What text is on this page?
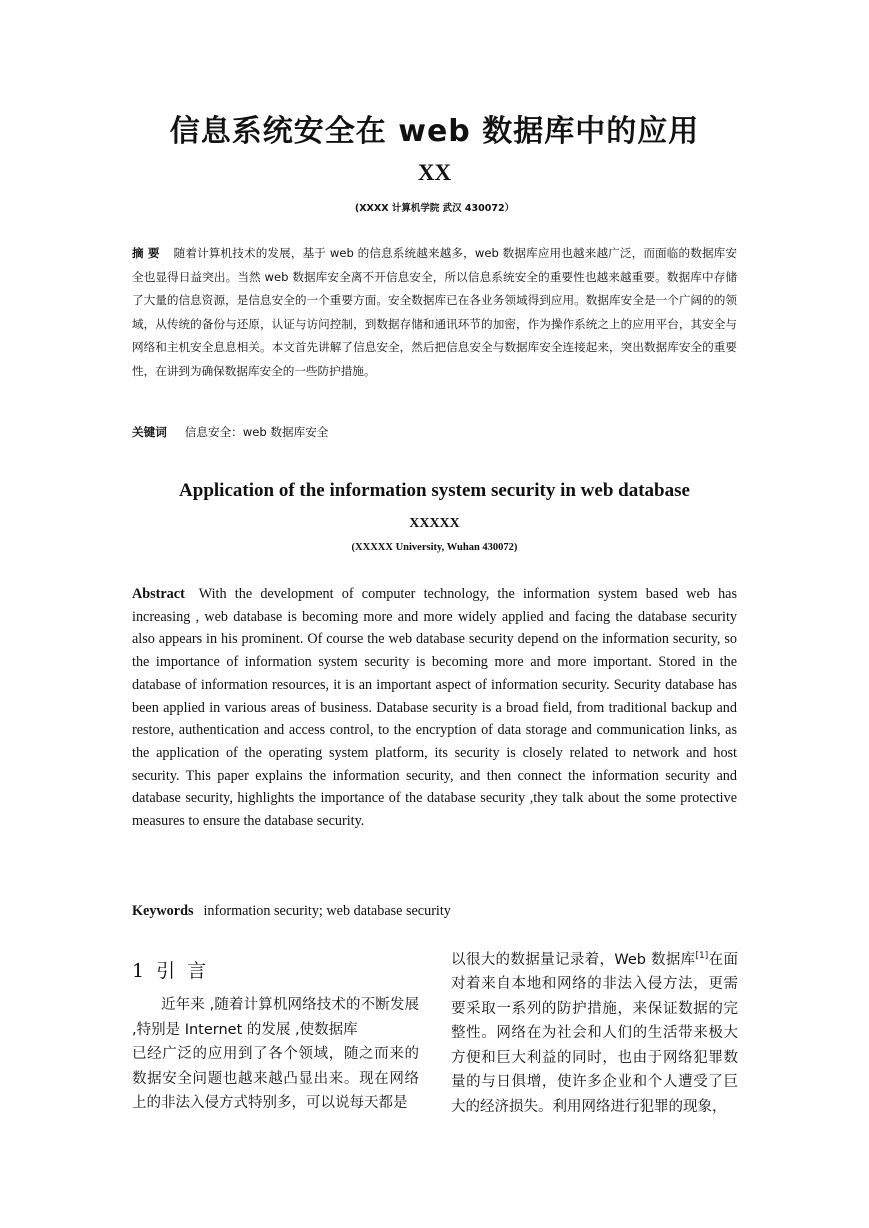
信息系统安全在 web 数据库中的应用
XX
(XXXX 计算机学院 武汉 430072）
摘 要 随着计算机技术的发展，基于 web 的信息系统越来越多，web 数据库应用也越来越广泛，而面临的数据库安全也显得日益突出。当然 web 数据库安全离不开信息安全，所以信息系统安全的重要性也越来越重要。数据库中存储了大量的信息资源，是信息安全的一个重要方面。安全数据库已在各业务领域得到应用。数据库安全是一个广阔的的领域，从传统的备份与还原，认证与访问控制，到数据存储和通讯环节的加密，作为操作系统之上的应用平台，其安全与网络和主机安全息息相关。本文首先讲解了信息安全，然后把信息安全与数据库安全连接起来，突出数据库安全的重要性，在讲到为确保数据库安全的一些防护措施。
关键词 信息安全：web 数据库安全
Application of the information system security in web database
XXXXX
(XXXXX University, Wuhan 430072)
Abstract With the development of computer technology, the information system based web has increasing , web database is becoming more and more widely applied and facing the database security also appears in his prominent. Of course the web database security depend on the information security, so the importance of information system security is becoming more and more important. Stored in the database of information resources, it is an important aspect of information security. Security database has been applied in various areas of business. Database security is a broad field, from traditional backup and restore, authentication and access control, to the encryption of data storage and communication links, as the application of the operating system platform, its security is closely related to network and host security. This paper explains the information security, and then connect the information security and database security, highlights the importance of the database security ,they talk about the some protective measures to ensure the database security.
Keywords information security; web database security
1 引 言

近年来 ,随着计算机网络技术的不断发展 ,特别是 Internet 的发展 ,使数据库

已经广泛的应用到了各个领域，随之而来的数据安全问题也越来越凸显出来。现在网络上的非法入侵方式特别多，可以说每天都是

以很大的数据量记录着，Web 数据库[1]在面对着来自本地和网络的非法入侵方法，更需要采取一系列的防护措施，来保证数据的完整性。网络在为社会和人们的生活带来极大方便和巨大利益的同时，也由于网络犯罪数量的与日俱增，使许多企业和个人遭受了巨大的经济损失。利用网络进行犯罪的现象，
